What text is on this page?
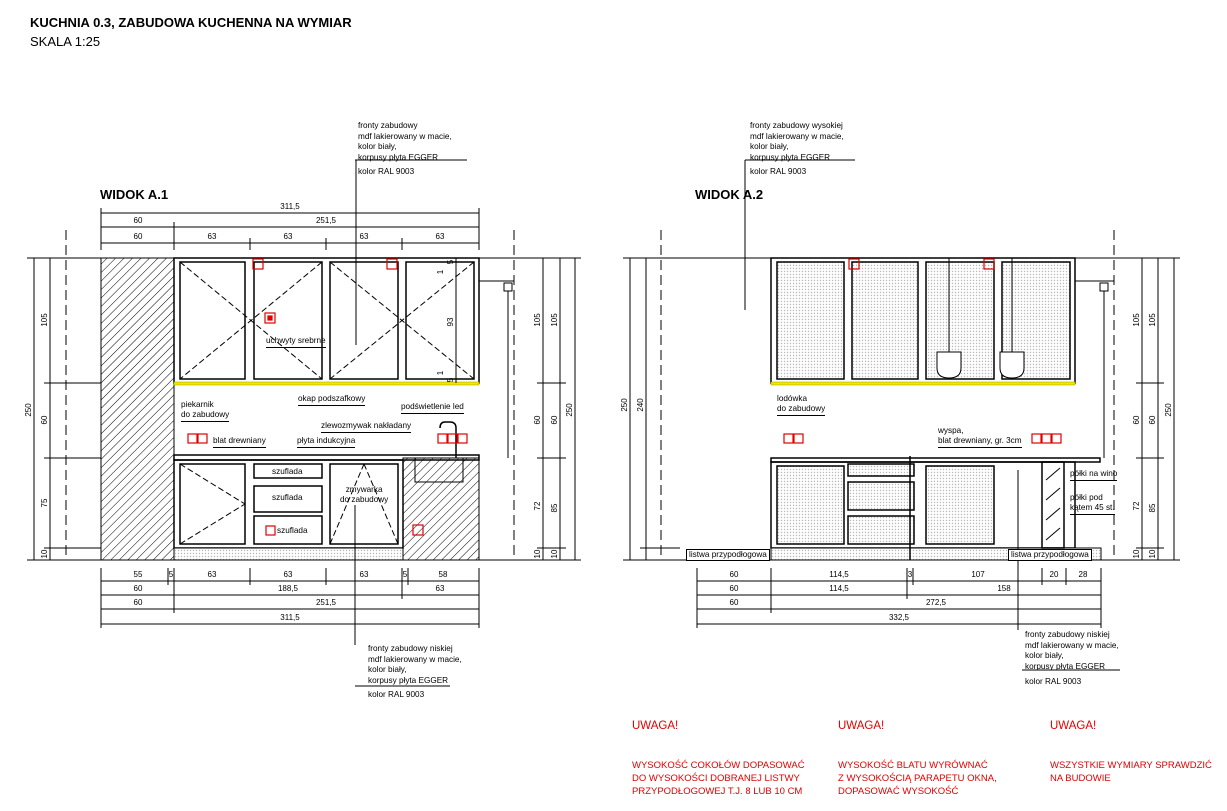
KUCHNIA 0.3, ZABUDOWA KUCHENNA NA WYMIAR
SKALA 1:25
311,5
60	251,5
60	63	63	63	63
55	5	63	63	63	5	58
60	188,5	63
60	251,5
311,5
60	114,5	3	107	20	28
60	114,5	158
60	272,5
332,5
250
105
60
75
10
5
93
5
1
1
105
60
72
10
105
60
85
10
250	250 240
105
60
72
10
105
60
85
10
250
WIDOK A.1	WIDOK A.2
fronty zabudowy
mdf lakierowany w macie,
kolor biały,
korpusy płyta EGGER
kolor RAL 9003
fronty zabudowy niskiej
mdf lakierowany w macie,
kolor biały,
korpusy płyta EGGER
kolor RAL 9003
uchwyty srebrne
piekarnik
do zabudowy
okap podszafkowy
podświetlenie led
zlewozmywak nakładany
blat drewniany	płyta indukcyjna
szuflada
szuflada
szuflada
zmywarka
do zabudowy
fronty zabudowy wysokiej
mdf lakierowany w macie,
kolor biały,
korpusy płyta EGGER
kolor RAL 9003
fronty zabudowy niskiej
mdf lakierowany w macie,
kolor biały,
korpusy płyta EGGER
kolor RAL 9003
lodówka
do zabudowy
wyspa,
blat drewniany, gr. 3cm
półki na wino
półki pod
kątem 45 st.
listwa przypodłogowa	listwa przypodłogowa

UWAGA!

WYSOKOŚĆ COKOŁÓW DOPASOWAĆ
DO WYSOKOŚCI DOBRANEJ LISTWY
PRZYPODŁOGOWEJ T.J. 8 LUB 10 CM

UWAGA!

WYSOKOŚĆ BLATU WYRÓWNAĆ
Z WYSOKOŚCIĄ PARAPETU OKNA,
DOPASOWAĆ WYSOKOŚĆ

UWAGA!

WSZYSTKIE WYMIARY SPRAWDZIĆ
NA BUDOWIE
